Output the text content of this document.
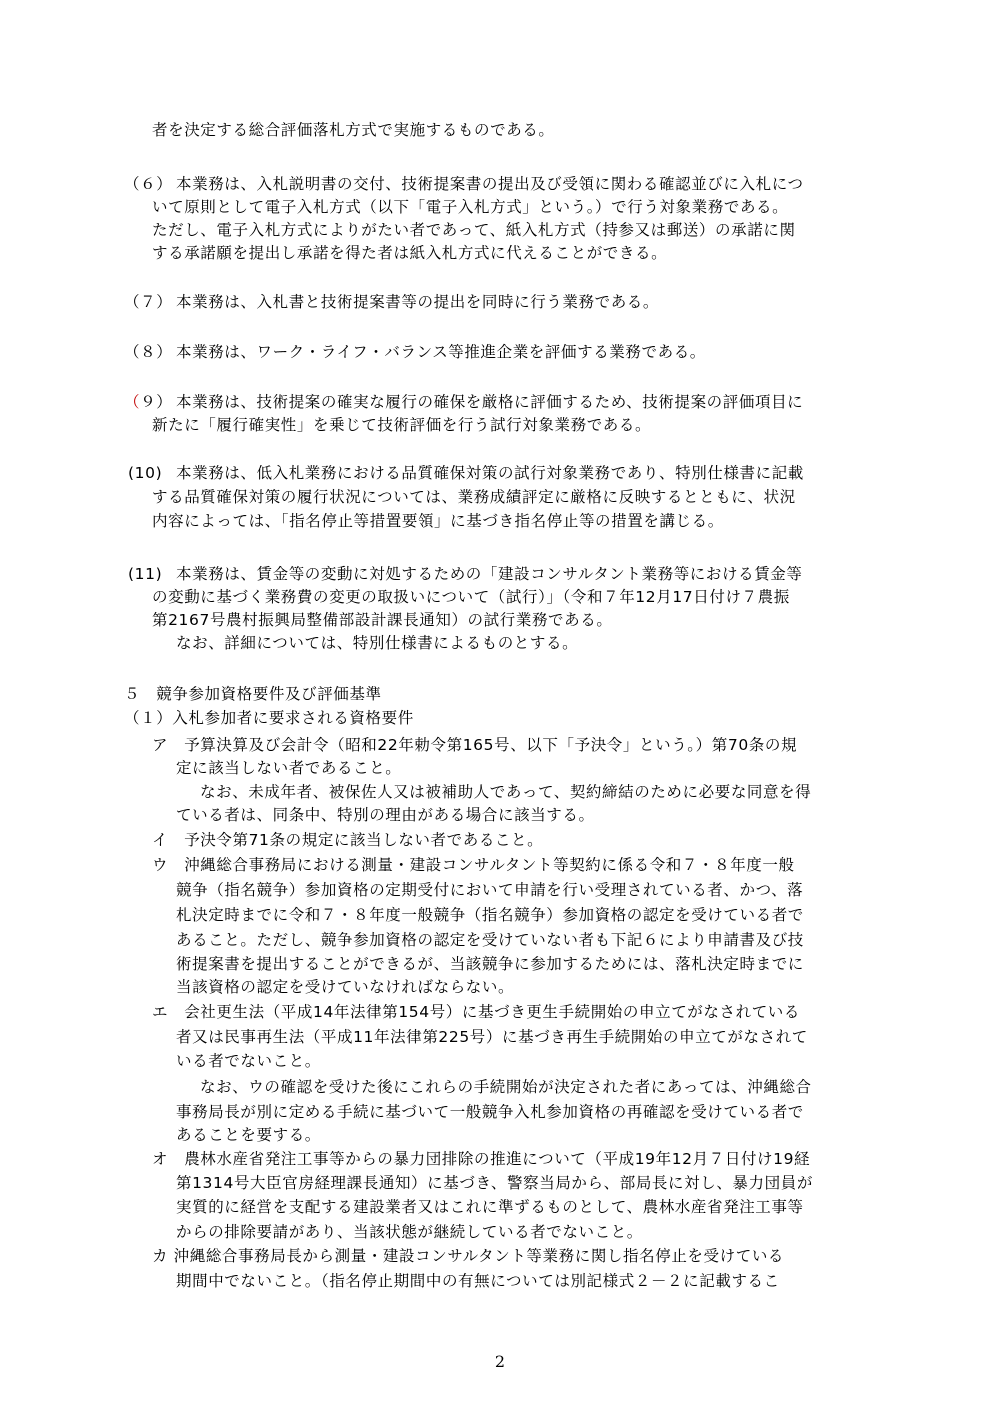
者を決定する総合評価落札方式で実施するものである。
（６） 本業務は、入札説明書の交付、技術提案書の提出及び受領に関わる確認並びに入札につ
いて原則として電子入札方式（以下「電子入札方式」という。）で行う対象業務である。
ただし、電子入札方式によりがたい者であって、紙入札方式（持参又は郵送）の承諾に関
する承諾願を提出し承諾を得た者は紙入札方式に代えることができる。
（７） 本業務は、入札書と技術提案書等の提出を同時に行う業務である。
（８） 本業務は、ワーク・ライフ・バランス等推進企業を評価する業務である。
（９） 本業務は、技術提案の確実な履行の確保を厳格に評価するため、技術提案の評価項目に
新たに「履行確実性」を乗じて技術評価を行う試行対象業務である。
(10) 本業務は、低入札業務における品質確保対策の試行対象業務であり、特別仕様書に記載
する品質確保対策の履行状況については、業務成績評定に厳格に反映するとともに、状況
内容によっては、「指名停止等措置要領」に基づき指名停止等の措置を講じる。
(11) 本業務は、賃金等の変動に対処するための「建設コンサルタント業務等における賃金等
の変動に基づく業務費の変更の取扱いについて（試行）」（令和７年12月17日付け７農振
第2167号農村振興局整備部設計課長通知）の試行業務である。
なお、詳細については、特別仕様書によるものとする。
５　競争参加資格要件及び評価基準
（１）入札参加者に要求される資格要件
ア　予算決算及び会計令（昭和22年勅令第165号、以下「予決令」という。）第70条の規
定に該当しない者であること。
なお、未成年者、被保佐人又は被補助人であって、契約締結のために必要な同意を得
ている者は、同条中、特別の理由がある場合に該当する。
イ　予決令第71条の規定に該当しない者であること。
ウ　沖縄総合事務局における測量・建設コンサルタント等契約に係る令和７・８年度一般
競争（指名競争）参加資格の定期受付において申請を行い受理されている者、かつ、落
札決定時までに令和７・８年度一般競争（指名競争）参加資格の認定を受けている者で
あること。ただし、競争参加資格の認定を受けていない者も下記６により申請書及び技
術提案書を提出することができるが、当該競争に参加するためには、落札決定時までに
当該資格の認定を受けていなければならない。
エ　会社更生法（平成14年法律第154号）に基づき更生手続開始の申立てがなされている
者又は民事再生法（平成11年法律第225号）に基づき再生手続開始の申立てがなされて
いる者でないこと。
なお、ウの確認を受けた後にこれらの手続開始が決定された者にあっては、沖縄総合
事務局長が別に定める手続に基づいて一般競争入札参加資格の再確認を受けている者で
あることを要する。
オ　農林水産省発注工事等からの暴力団排除の推進について（平成19年12月７日付け19経
第1314号大臣官房経理課長通知）に基づき、警察当局から、部局長に対し、暴力団員が
実質的に経営を支配する建設業者又はこれに準ずるものとして、農林水産省発注工事等
からの排除要請があり、当該状態が継続している者でないこと。
カ 沖縄総合事務局長から測量・建設コンサルタント等業務に関し指名停止を受けている
期間中でないこと。（指名停止期間中の有無については別記様式２－２に記載するこ
2
